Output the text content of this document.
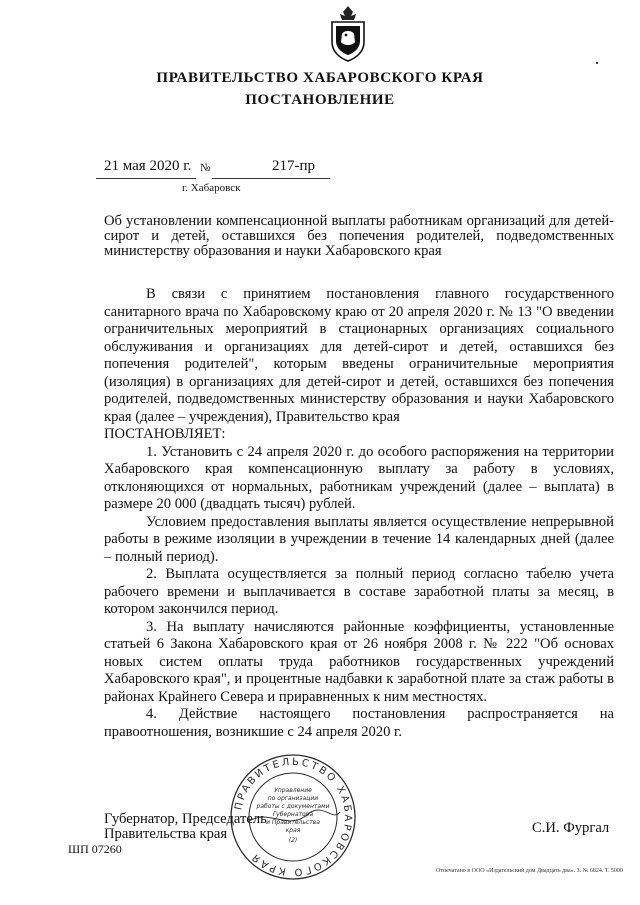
ПРАВИТЕЛЬСТВО ХАБАРОВСКОГО КРАЯ
ПОСТАНОВЛЕНИЕ
21 мая 2020 г. №	217-пр
г. Хабаровск
Об установлении компенсационной выплаты работникам организаций для детей-сирот и детей, оставшихся без попечения родителей, подведомственных министерству образования и науки Хабаровского края

В связи с принятием постановления главного государственного санитарного врача по Хабаровскому краю от 20 апреля 2020 г. № 13 "О введении ограничительных мероприятий в стационарных организациях социального обслуживания и организациях для детей-сирот и детей, оставшихся без попечения родителей", которым введены ограничительные мероприятия (изоляция) в организациях для детей-сирот и детей, оставшихся без попечения родителей, подведомственных министерству образования и науки Хабаровского края (далее – учреждения), Правительство края

ПОСТАНОВЛЯЕТ:

1. Установить с 24 апреля 2020 г. до особого распоряжения на территории Хабаровского края компенсационную выплату за работу в условиях, отклоняющихся от нормальных, работникам учреждений (далее – выплата) в размере 20 000 (двадцать тысяч) рублей.

Условием предоставления выплаты является осуществление непрерывной работы в режиме изоляции в учреждении в течение 14 календарных дней (далее – полный период).

2. Выплата осуществляется за полный период согласно табелю учета рабочего времени и выплачивается в составе заработной платы за месяц, в котором закончился период.

3. На выплату начисляются районные коэффициенты, установленные статьей 6 Закона Хабаровского края от 26 ноября 2008 г. № 222 "Об основах новых систем оплаты труда работников государственных учреждений Хабаровского края", и процентные надбавки к заработной плате за стаж работы в районах Крайнего Севера и приравненных к ним местностях.

4. Действие настоящего постановления распространяется на правоотношения, возникшие с 24 апреля 2020 г.

ПРАВИТЕЛЬСТВО ХАБАРОВСКОГО КРАЯ
Управление
по организации
работы с документами
Губернатора
и Правительства
края
(2)
Губернатор, Председатель
Правительства края	С.И. Фургал
ШП 07260
Отпечатано в ООО «Издательский дом Двадцать два». З. № 6824. Т. 5000
